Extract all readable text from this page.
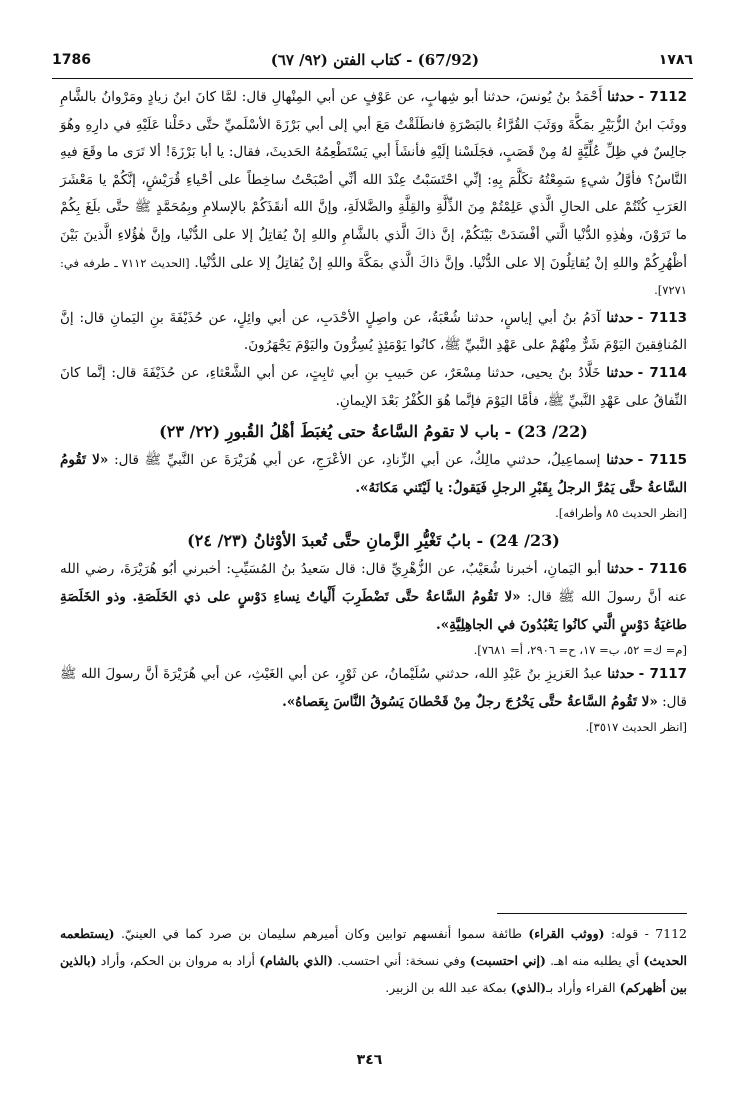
1786	(67/92) - كتاب الفتن (٩٢/ ٦٧)	١٧٨٦

7112 -حدثنا أَحْمَدُ بنُ يُونسَ، حدثنا أبو شِهابٍ، عن عَوْفٍ عن أبي المِنْهالِ قال: لمَّا كانَ ابنُ زيادٍ ومَرْوانُ بالشَّامِ ووثَبَ ابنُ الزُّبَيْرِ بمَكَّةَ ووَثَبَ القُرَّاءُ بالبَصْرَةِ فانطَلَقْتُ مَعَ أبي إلى أبي بَرْزَةَ الأسْلَميِّ حتَّى دخَلْنا عَلَيْهِ في دارِهِ وهُوَ جالِسٌ في ظِلِّ عُلِّيَّةٍ لهُ مِنْ قَصَبٍ، فجَلَسْنا إلَيْهِ فأنشَأَ أبي يَسْتَطْعِمُهُ الحَديثَ، فقال: يا أبا بَرْزَةَ! ألا تَرَى ما وقَعَ فيهِ النَّاسُ؟ فأوَّلُ شيءٍ سَمِعْتُهُ تكَلَّمَ بِهِ: إنِّي احْتَسَبْتُ عِنْدَ الله أنِّي أصْبَحْتُ ساخِطاً على أحْياءِ قُرَيْشٍ، إنَّكُمْ يا مَعْشَرَ العَرَبِ كُنْتُمْ على الحالِ الَّذي عَلِمْتُمْ مِنَ الذِّلَّةِ والقِلَّةِ والضَّلالَةِ، وإنَّ الله أنقَذَكُمْ بالإسلامِ وبِمُحَمَّدٍ ﷺ حتَّى بلَغَ بِكُمْ ما تَرَوْنَ، وهٰذِهِ الدُّنْيا الَّتي أفْسَدَتْ بَيْنَكُمْ، إنَّ ذاكَ الَّذي بالشَّامِ واللهِ إنْ يُقاتِلُ إلا على الدُّنْيا، وإنَّ هٰؤُلاءِ الَّذينَ بَيْنَ أظْهُرِكُمْ واللهِ إنْ يُقاتِلُونَ إلا على الدُّنْيا. وإنَّ ذاكَ الَّذي بمَكَّةَ واللهِ إنْ يُقاتِلُ إلا على الدُّنْيا. [الحديث ٧١١٢ ـ طرفه في: ٧٢٧١].

7113 -حدثنا آدَمُ بنُ أبي إياسٍ، حدثنا شُعْبَةُ، عن واصِلٍ الأحْدَبِ، عن أبي وائِلٍ، عن حُذَيْفَةَ بنِ اليَمانِ قال: إنَّ المُنافِقينَ اليَوْمَ شَرٌّ مِنْهُمْ على عَهْدِ النَّبيِّ ﷺ، كانُوا يَوْمَئِذٍ يُسِرُّونَ واليَوْمَ يَجْهَرُونَ.

7114 -حدثنا خَلَّادُ بنُ يحيى، حدثنا مِسْعَرٌ، عن حَبيبِ بنِ أبي ثابِتٍ، عن أبي الشَّعْثاءِ، عن حُذَيْفَةَ قال: إنَّما كانَ النِّفاقُ على عَهْدِ النَّبيِّ ﷺ، فأمَّا اليَوْمَ فإنَّما هُوَ الكُفْرُ بَعْدَ الإيمانِ.

(22/ 23) - باب لا تقومُ السَّاعةُ حتى يُغبَطَ أهْلُ القُبورِ (٢٢/ ٢٣)

7115 -حدثنا إسماعِيلُ، حدثني مالِكٌ، عن أبي الزِّنادِ، عن الأعْرَجِ، عن أبي هُرَيْرَةَ عن النَّبيِّ ﷺ قال: «لا تَقُومُ السَّاعةُ حتَّى يَمُرَّ الرجلُ بِقَبْرِ الرجلِ فَيَقولُ: يا لَيْتَني مَكانَهُ».

[انظر الحديث ٨٥ وأطرافه].

(23/ 24) - بابُ تَغْيُّرِ الزَّمانِ حتَّى تُعبدَ الأوْثانُ (٢٣/ ٢٤)

7116 -حدثنا أبو اليَمانِ، أخبرنا شُعَيْبٌ، عن الزُّهْرِيِّ قال: قال سَعيدُ بنُ المُسَيِّبِ: أخبرني أبُو هُرَيْرَةَ، رضي الله عنه أنَّ رسولَ الله ﷺ قال: «لا تَقُومُ السَّاعةُ حتَّى تَضْطَرِبَ أَلْياتُ نِساءِ دَوْسٍ على ذي الخَلَصَةِ. وذو الخَلَصَةِ طاغيَةُ دَوْسٍ الَّتي كانُوا يَعْبُدُونَ في الجاهِلِيَّةِ».

[م= ك= ٥٢، ب= ١٧، ح= ٢٩٠٦، أ= ٧٦٨١].

7117 -حدثنا عبدُ العَزيزِ بنُ عَبْدِ الله، حدثني سُلَيْمانُ، عن ثَوْرٍ، عن أبي الغَيْثِ، عن أبي هُرَيْرَةَ أنَّ رسولَ الله ﷺ قال: «لا تَقُومُ السَّاعةُ حتَّى يَخْرُجَ رجلٌ مِنْ قَحْطانَ يَسُوقُ النَّاسَ بِعَصاهُ».

[انظر الحديث ٣٥١٧].

7112 - قوله: (ووثب القراء) طائفة سموا أنفسهم توابين وكان أميرهم سليمان بن صرد كما في العينيّ. (يستطعمه الحديث) أي يطلبه منه اهـ. (إني احتسبت) وفي نسخة: أني احتسب. (الذي بالشام) أراد به مروان بن الحكم، وأراد (بالذين بين أظهركم) القراء وأراد بـ(الذي) بمكة عبد الله بن الزبير.
٣٤٦
